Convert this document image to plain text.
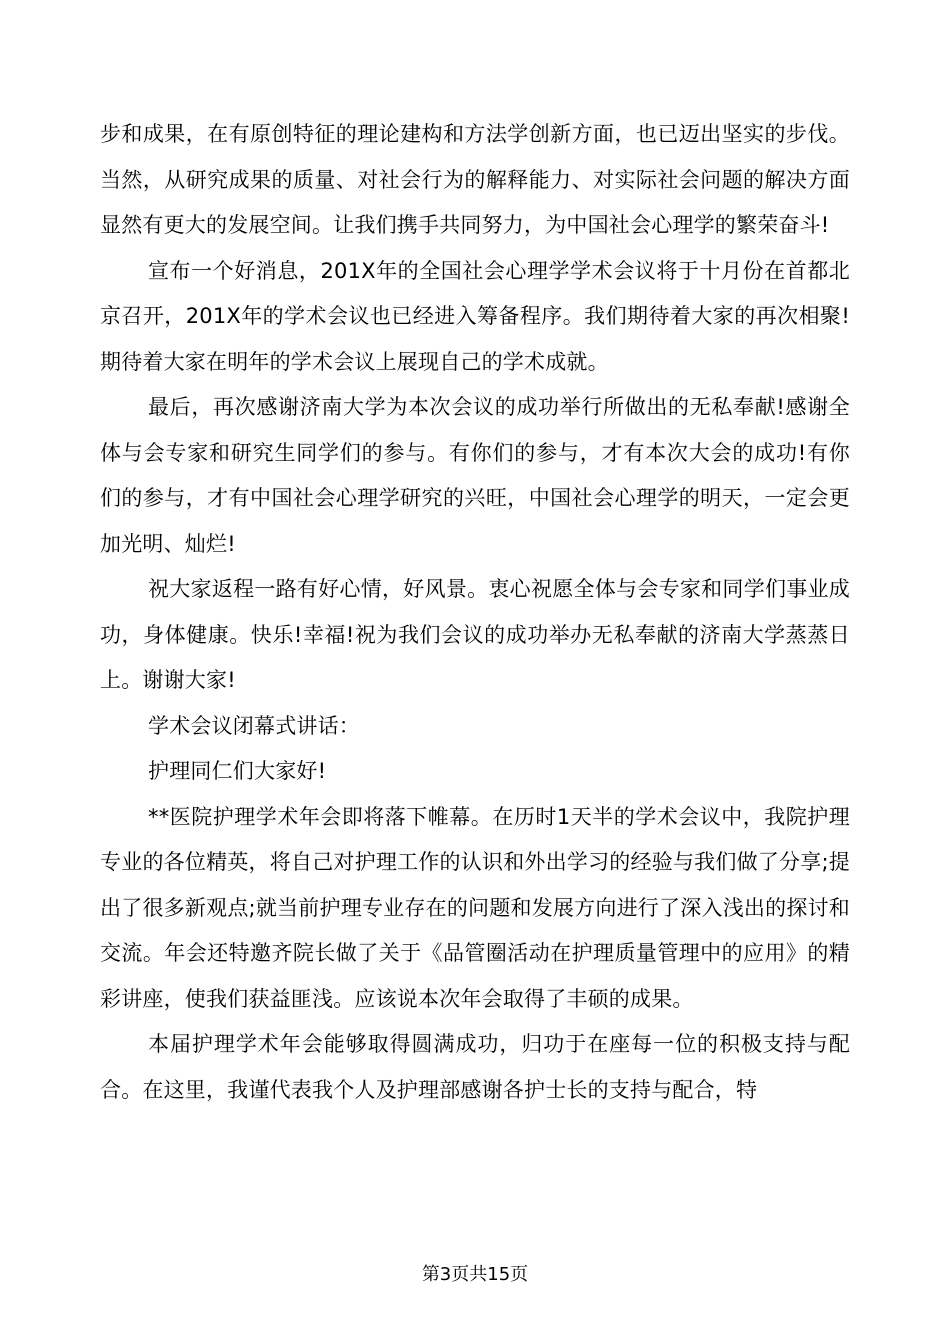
步和成果，在有原创特征的理论建构和方法学创新方面，也已迈出坚实的步伐。当然，从研究成果的质量、对社会行为的解释能力、对实际社会问题的解决方面显然有更大的发展空间。让我们携手共同努力，为中国社会心理学的繁荣奋斗!

宣布一个好消息，201X年的全国社会心理学学术会议将于十月份在首都北京召开，201X年的学术会议也已经进入筹备程序。我们期待着大家的再次相聚!期待着大家在明年的学术会议上展现自己的学术成就。

最后，再次感谢济南大学为本次会议的成功举行所做出的无私奉献!感谢全体与会专家和研究生同学们的参与。有你们的参与，才有本次大会的成功!有你们的参与，才有中国社会心理学研究的兴旺，中国社会心理学的明天，一定会更加光明、灿烂!

祝大家返程一路有好心情，好风景。衷心祝愿全体与会专家和同学们事业成功，身体健康。快乐!幸福!祝为我们会议的成功举办无私奉献的济南大学蒸蒸日上。谢谢大家!

学术会议闭幕式讲话：

护理同仁们大家好!

**医院护理学术年会即将落下帷幕。在历时1天半的学术会议中，我院护理专业的各位精英，将自己对护理工作的认识和外出学习的经验与我们做了分享;提出了很多新观点;就当前护理专业存在的问题和发展方向进行了深入浅出的探讨和交流。年会还特邀齐院长做了关于《品管圈活动在护理质量管理中的应用》的精彩讲座，使我们获益匪浅。应该说本次年会取得了丰硕的成果。

本届护理学术年会能够取得圆满成功，归功于在座每一位的积极支持与配合。在这里，我谨代表我个人及护理部感谢各护士长的支持与配合，特

第3页共15页
